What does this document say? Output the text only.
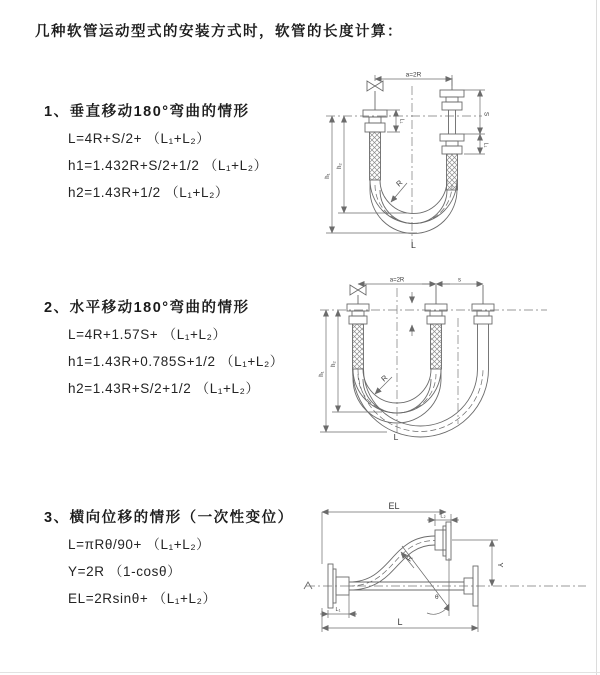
几种软管运动型式的安装方式时，软管的长度计算：
1、垂直移动180°弯曲的情形
L=4R+S/2+ （L₁+L₂）
h1=1.432R+S/2+1/2 （L₁+L₂）
h2=1.43R+1/2 （L₁+L₂）
2、水平移动180°弯曲的情形
L=4R+1.57S+ （L₁+L₂）
h1=1.43R+0.785S+1/2 （L₁+L₂）
h2=1.43R+S/2+1/2 （L₁+L₂）
3、横向位移的情形（一次性变位）
L=πRθ/90+ （L₁+L₂）
Y=2R （1-cosθ）
EL=2Rsinθ+ （L₁+L₂）
a=2R
S
L₁
L₁
h₁
h₂
R
L
a=2R	s
h₁
h₂
R
L
EL
L₂
Y
R
θ
L
L₁
